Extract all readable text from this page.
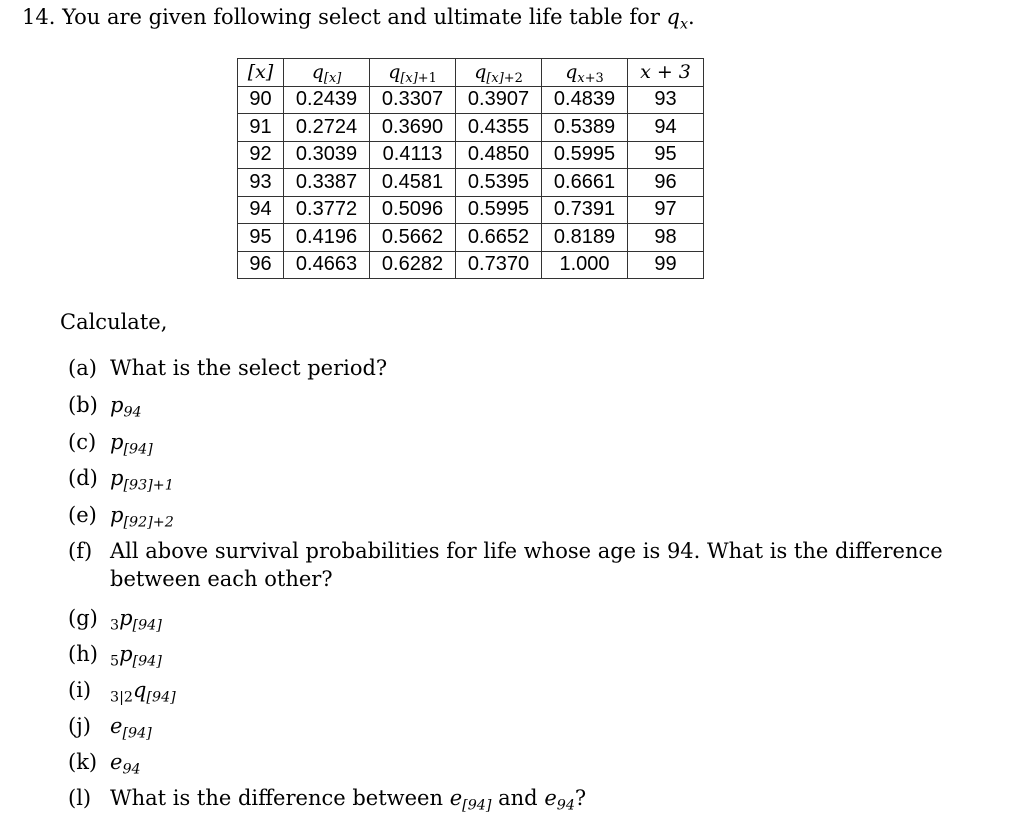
14. You are given following select and ultimate life table for $q_x$.
[x]	$q_{[x]}$	$q_{[x]+1}$	$q_{[x]+2}$	$q_{x+3}$	x + 3
90	0.2439	0.3307	0.3907	0.4839	93
91	0.2724	0.3690	0.4355	0.5389	94
92	0.3039	0.4113	0.4850	0.5995	95
93	0.3387	0.4581	0.5395	0.6661	96
94	0.3772	0.5096	0.5995	0.7391	97
95	0.4196	0.5662	0.6652	0.8189	98
96	0.4663	0.6282	0.7370	1.000	99
Calculate,
(a) What is the select period?
(b) $p_{94}$
(c) $p_{[94]}$
(d) $p_{[93]+1}$
(e) $p_{[92]+2}$
(f) All above survival probabilities for life whose age is 94. What is the difference
between each other?
(g) $_3p_{[94]}$
(h) $_5p_{[94]}$
(i) $_{3|2}q_{[94]}$
(j) $e_{[94]}$
(k) $e_{94}$
(l) What is the difference between $e_{[94]}$ and $e_{94}$?
